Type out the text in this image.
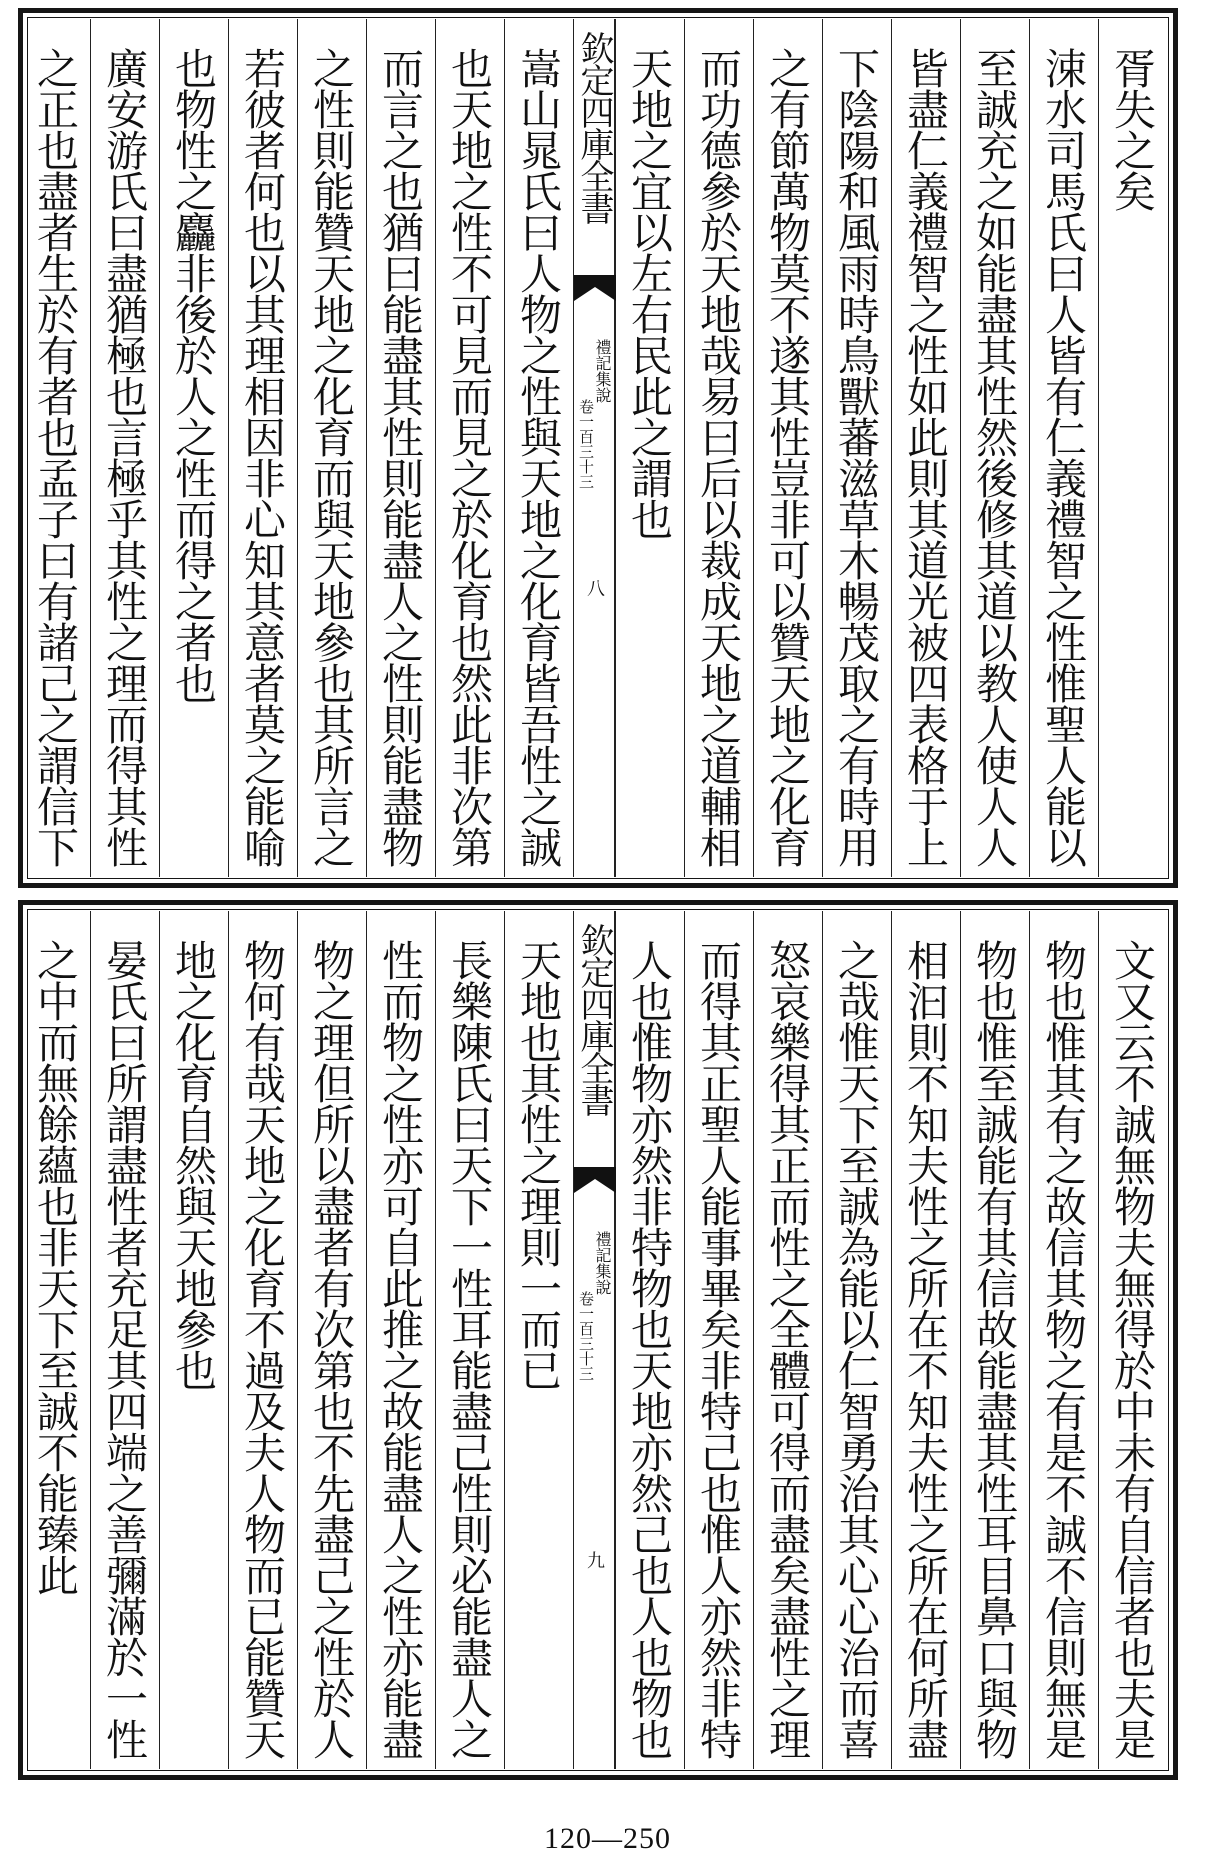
胥失之矣
涑水司馬氏曰人皆有仁義禮智之性惟聖人能以
至誠充之如能盡其性然後修其道以教人使人人
皆盡仁義禮智之性如此則其道光被四表格于上
下陰陽和風雨時鳥獸蕃滋草木暢茂取之有時用
之有節萬物莫不遂其性豈非可以贊天地之化育
而功德參於天地哉易曰后以裁成天地之道輔相
天地之宜以左右民此之謂也
欽定四庫全書
禮記集說
卷一百三十三
八
嵩山晁氏曰人物之性與天地之化育皆吾性之誠
也天地之性不可見而見之於化育也然此非次第
而言之也猶曰能盡其性則能盡人之性則能盡物
之性則能贊天地之化育而與天地參也其所言之
若彼者何也以其理相因非心知其意者莫之能喻
也物性之麤非後於人之性而得之者也
廣安游氏曰盡猶極也言極乎其性之理而得其性
之正也盡者生於有者也孟子曰有諸己之謂信下
文又云不誠無物夫無得於中未有自信者也夫是
物也惟其有之故信其物之有是不誠不信則無是
物也惟至誠能有其信故能盡其性耳目鼻口與物
相汩則不知夫性之所在不知夫性之所在何所盡
之哉惟天下至誠為能以仁智勇治其心心治而喜
怒哀樂得其正而性之全體可得而盡矣盡性之理
而得其正聖人能事畢矣非特己也惟人亦然非特
人也惟物亦然非特物也天地亦然己也人也物也
欽定四庫全書
禮記集說
卷一百三十三
九
天地也其性之理則一而已
長樂陳氏曰天下一性耳能盡己性則必能盡人之
性而物之性亦可自此推之故能盡人之性亦能盡
物之理但所以盡者有次第也不先盡己之性於人
物何有哉天地之化育不過及夫人物而已能贊天
地之化育自然與天地參也
晏氏曰所謂盡性者充足其四端之善彌滿於一性
之中而無餘蘊也非天下至誠不能臻此
120—250
